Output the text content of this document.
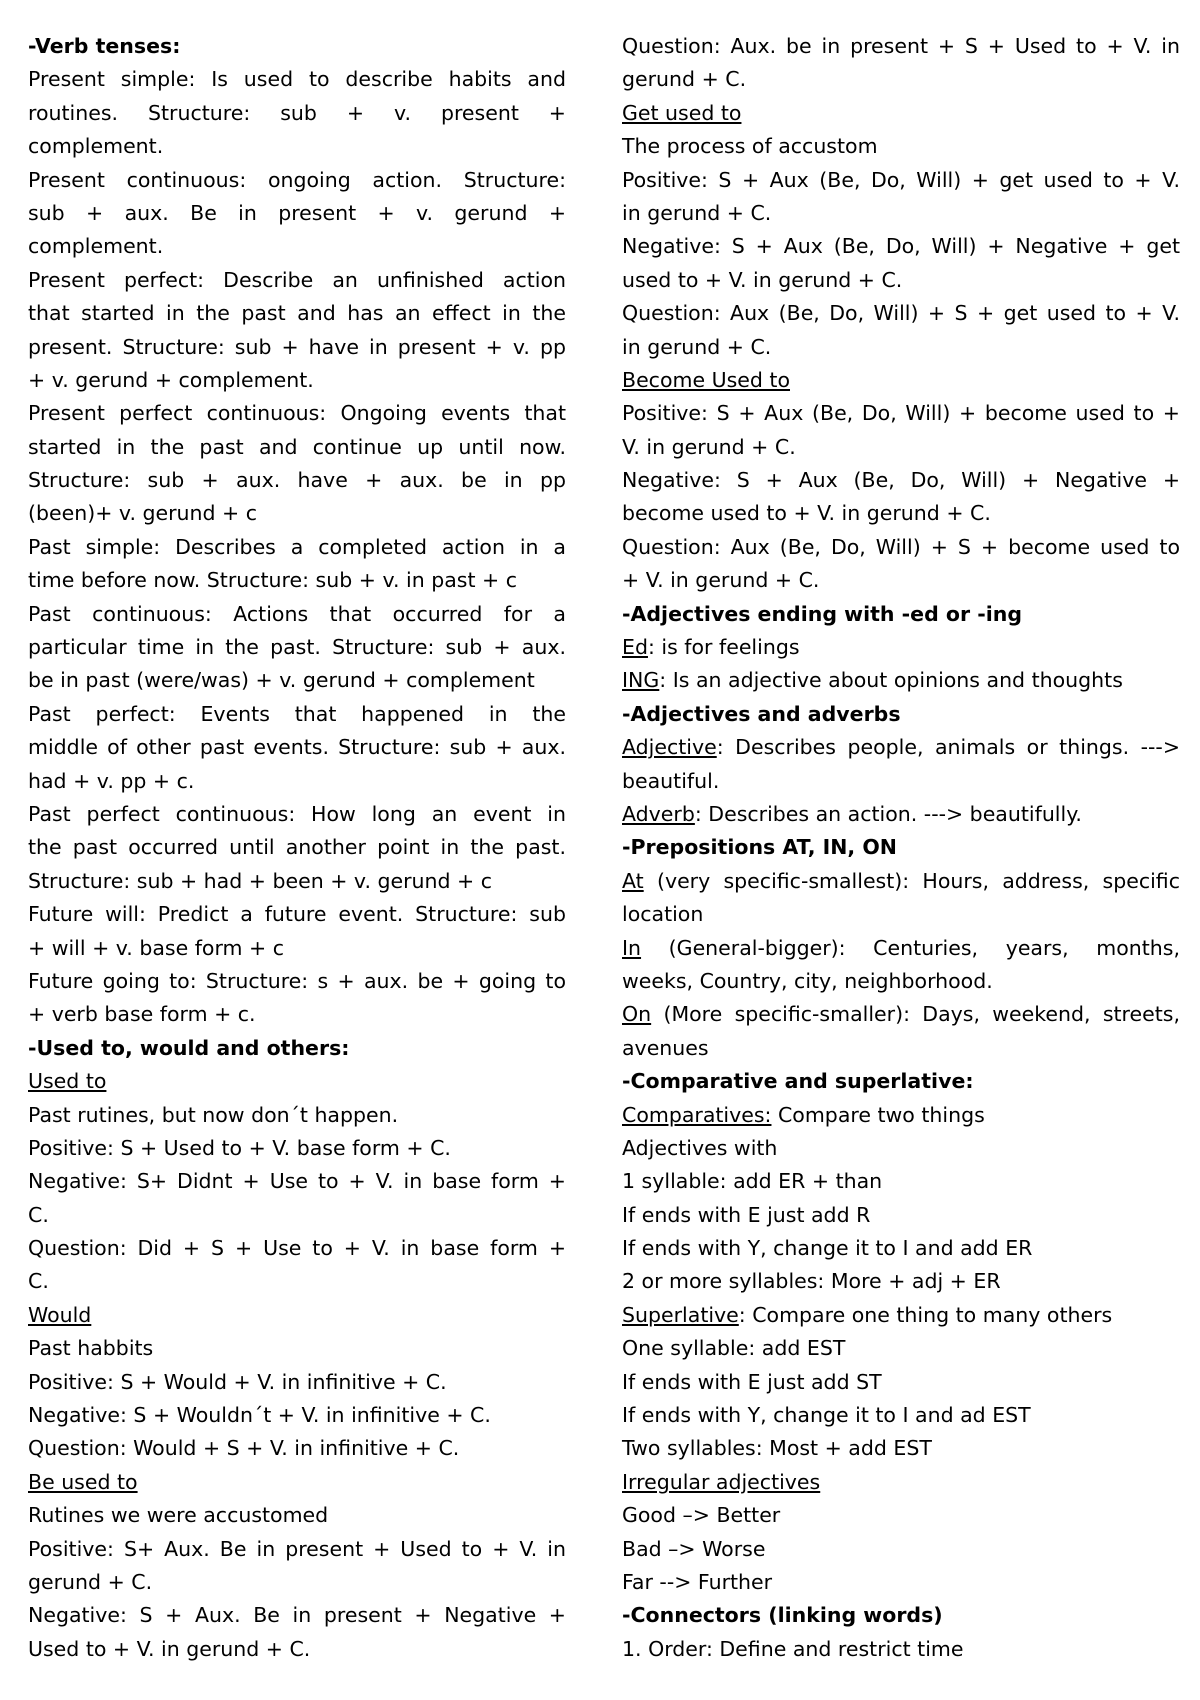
-Verb tenses:
Present simple: Is used to describe habits and
routines. Structure: sub + v. present +
complement.
Present continuous: ongoing action. Structure:
sub + aux. Be in present + v. gerund +
complement.
Present perfect: Describe an unfinished action
that started in the past and has an effect in the
present. Structure: sub + have in present + v. pp
+ v. gerund + complement.
Present perfect continuous: Ongoing events that
started in the past and continue up until now.
Structure: sub + aux. have + aux. be in pp
(been)+ v. gerund + c
Past simple: Describes a completed action in a
time before now. Structure: sub + v. in past + c
Past continuous: Actions that occurred for a
particular time in the past. Structure: sub + aux.
be in past (were/was) + v. gerund + complement
Past perfect: Events that happened in the
middle of other past events. Structure: sub + aux.
had + v. pp + c.
Past perfect continuous: How long an event in
the past occurred until another point in the past.
Structure: sub + had + been + v. gerund + c
Future will: Predict a future event. Structure: sub
+ will + v. base form + c
Future going to: Structure: s + aux. be + going to
+ verb base form + c.
-Used to, would and others:
Used to
Past rutines, but now don´t happen.
Positive: S + Used to + V. base form + C.
Negative: S+ Didnt + Use to + V. in base form +
C.
Question: Did + S + Use to + V. in base form +
C.
Would
Past habbits
Positive: S + Would + V. in infinitive + C.
Negative: S + Wouldn´t + V. in infinitive + C.
Question: Would + S + V. in infinitive + C.
Be used to
Rutines we were accustomed
Positive: S+ Aux. Be in present + Used to + V. in
gerund + C.
Negative: S + Aux. Be in present + Negative +
Used to + V. in gerund + C.
Question: Aux. be in present + S + Used to + V. in
gerund + C.
Get used to
The process of accustom
Positive: S + Aux (Be, Do, Will) + get used to + V.
in gerund + C.
Negative: S + Aux (Be, Do, Will) + Negative + get
used to + V. in gerund + C.
Question: Aux (Be, Do, Will) + S + get used to + V.
in gerund + C.
Become Used to
Positive: S + Aux (Be, Do, Will) + become used to +
V. in gerund + C.
Negative: S + Aux (Be, Do, Will) + Negative +
become used to + V. in gerund + C.
Question: Aux (Be, Do, Will) + S + become used to
+ V. in gerund + C.
-Adjectives ending with -ed or -ing
Ed: is for feelings
ING: Is an adjective about opinions and thoughts
-Adjectives and adverbs
Adjective: Describes people, animals or things. --->
beautiful.
Adverb: Describes an action. ---> beautifully.
-Prepositions AT, IN, ON
At (very specific-smallest): Hours, address, specific
location
In (General-bigger): Centuries, years, months,
weeks, Country, city, neighborhood.
On (More specific-smaller): Days, weekend, streets,
avenues
-Comparative and superlative:
Comparatives: Compare two things
Adjectives with
1 syllable: add ER + than
If ends with E just add R
If ends with Y, change it to I and add ER
2 or more syllables: More + adj + ER
Superlative: Compare one thing to many others
One syllable: add EST
If ends with E just add ST
If ends with Y, change it to I and ad EST
Two syllables: Most + add EST
Irregular adjectives
Good –> Better
Bad –> Worse
Far --> Further
-Connectors (linking words)
1. Order: Define and restrict time
